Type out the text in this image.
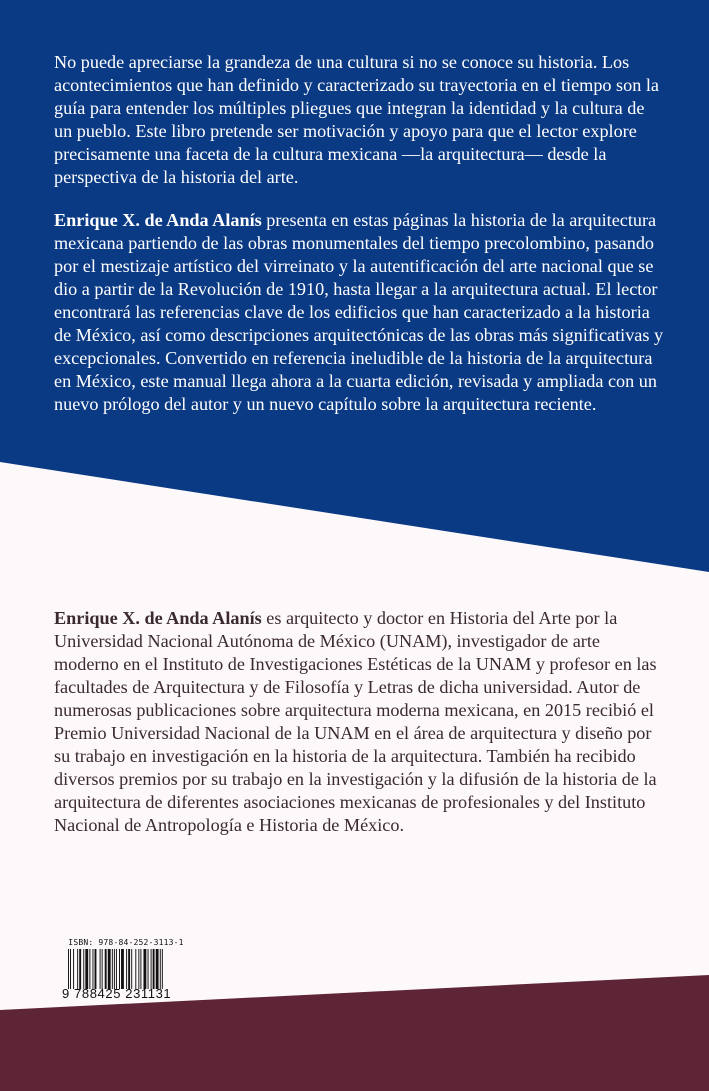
No puede apreciarse la grandeza de una cultura si no se conoce su historia. Los acontecimientos que han definido y caracterizado su trayectoria en el tiempo son la guía para entender los múltiples pliegues que integran la identidad y la cultura de un pueblo. Este libro pretende ser motivación y apoyo para que el lector explore precisamente una faceta de la cultura mexicana —la arquitectura— desde la perspectiva de la historia del arte.

Enrique X. de Anda Alanís presenta en estas páginas la historia de la arquitectura mexicana partiendo de las obras monumentales del tiempo precolombino, pasando por el mestizaje artístico del virreinato y la autentificación del arte nacional que se dio a partir de la Revolución de 1910, hasta llegar a la arquitectura actual. El lector encontrará las referencias clave de los edificios que han caracterizado a la historia de México, así como descripciones arquitectónicas de las obras más significativas y excepcionales. Convertido en referencia ineludible de la historia de la arquitectura en México, este manual llega ahora a la cuarta edición, revisada y ampliada con un nuevo prólogo del autor y un nuevo capítulo sobre la arquitectura reciente.

Enrique X. de Anda Alanís es arquitecto y doctor en Historia del Arte por la Universidad Nacional Autónoma de México (UNAM), investigador de arte moderno en el Instituto de Investigaciones Estéticas de la UNAM y profesor en las facultades de Arquitectura y de Filosofía y Letras de dicha universidad. Autor de numerosas publicaciones sobre arquitectura moderna mexicana, en 2015 recibió el Premio Universidad Nacional de la UNAM en el área de arquitectura y diseño por su trabajo en investigación en la historia de la arquitectura. También ha recibido diversos premios por su trabajo en la investigación y la difusión de la historia de la arquitectura de diferentes asociaciones mexicanas de profesionales y del Instituto Nacional de Antropología e Historia de México.

ISBN: 978-84-252-3113-1
9 788425 231131
